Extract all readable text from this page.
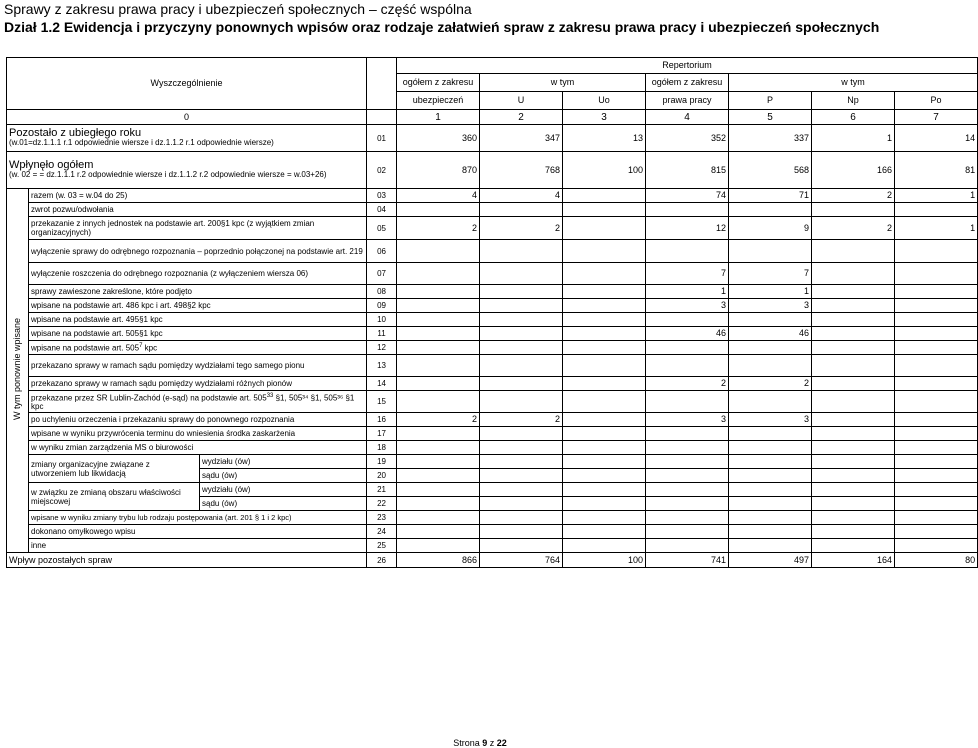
Sprawy z zakresu prawa pracy i ubezpieczeń społecznych – część wspólna
Dział 1.2 Ewidencja i przyczyny ponownych wpisów oraz rodzaje załatwień spraw z zakresu prawa pracy i ubezpieczeń społecznych
Wyszczególnienie				Repertorium						
				ogółem z zakresu	w tym		ogółem z zakresu	w tym		
				ubezpieczeń	U	Uo	prawa pracy	P	Np	Po
0				1	2	3	4	5	6	7

Pozostało z ubiegłego roku
(w.01=dz.1.1.1 r.1 odpowiednie wiersze i dz.1.1.2 r.1 odpowiednie wiersze)			01	360	347	13	352	337	1	14

Wpłynęło ogółem
(w. 02 = = dz.1.1.1 r.2 odpowiednie wiersze i dz.1.1.2 r.2 odpowiednie wiersze = w.03+26)			02	870	768	100	815	568	166	81
W tym ponownie wpisane	razem (w. 03 = w.04 do 25)		03	4	4		74	71	2	1
	zwrot pozwu/odwołania		04							
	przekazanie z innych jednostek na podstawie art. 200§1 kpc (z wyjątkiem zmian organizacyjnych)		05	2	2		12	9	2	1
	wyłączenie sprawy do odrębnego rozpoznania – poprzednio połączonej na podstawie art. 219		06							
	wyłączenie roszczenia do odrębnego rozpoznania (z wyłączeniem wiersza 06)		07				7	7		
	sprawy zawieszone zakreślone, które podjęto		08				1	1		
	wpisane na podstawie art. 486 kpc i art. 498§2 kpc		09				3	3		
	wpisane na podstawie art. 495§1 kpc		10							
	wpisane na podstawie art. 505§1 kpc		11				46	46		
	wpisane na podstawie art. $505^7$ kpc		12							
	przekazano sprawy w ramach sądu pomiędzy wydziałami tego samego pionu		13							
	przekazano sprawy w ramach sądu pomiędzy wydziałami różnych pionów		14				2	2		
	przekazane przez SR Lublin-Zachód (e-sąd) na podstawie art. $505^{33}$ §1, 505³⁴ §1, 505³⁶ §1 kpc		15							
	po uchyleniu orzeczenia i przekazaniu sprawy do ponownego rozpoznania		16	2	2		3	3		
	wpisane w wyniku przywrócenia terminu do wniesienia środka zaskarżenia		17							
	w wyniku zmian zarządzenia MS o biurowości		18							
	zmiany organizacyjne związane z utworzeniem lub likwidacją	wydziału (ów)	19							
		sądu (ów)	20							
	w związku ze zmianą obszaru właściwości miejscowej	wydziału (ów)	21							
		sądu (ów)	22							
	wpisane w wyniku zmiany trybu lub rodzaju postępowania (art. 201 § 1 i 2 kpc)		23							
	dokonano omyłkowego wpisu		24							
	inne		25							
Wpływ pozostałych spraw			26	866	764	100	741	497	164	80
Strona 9 z 22
